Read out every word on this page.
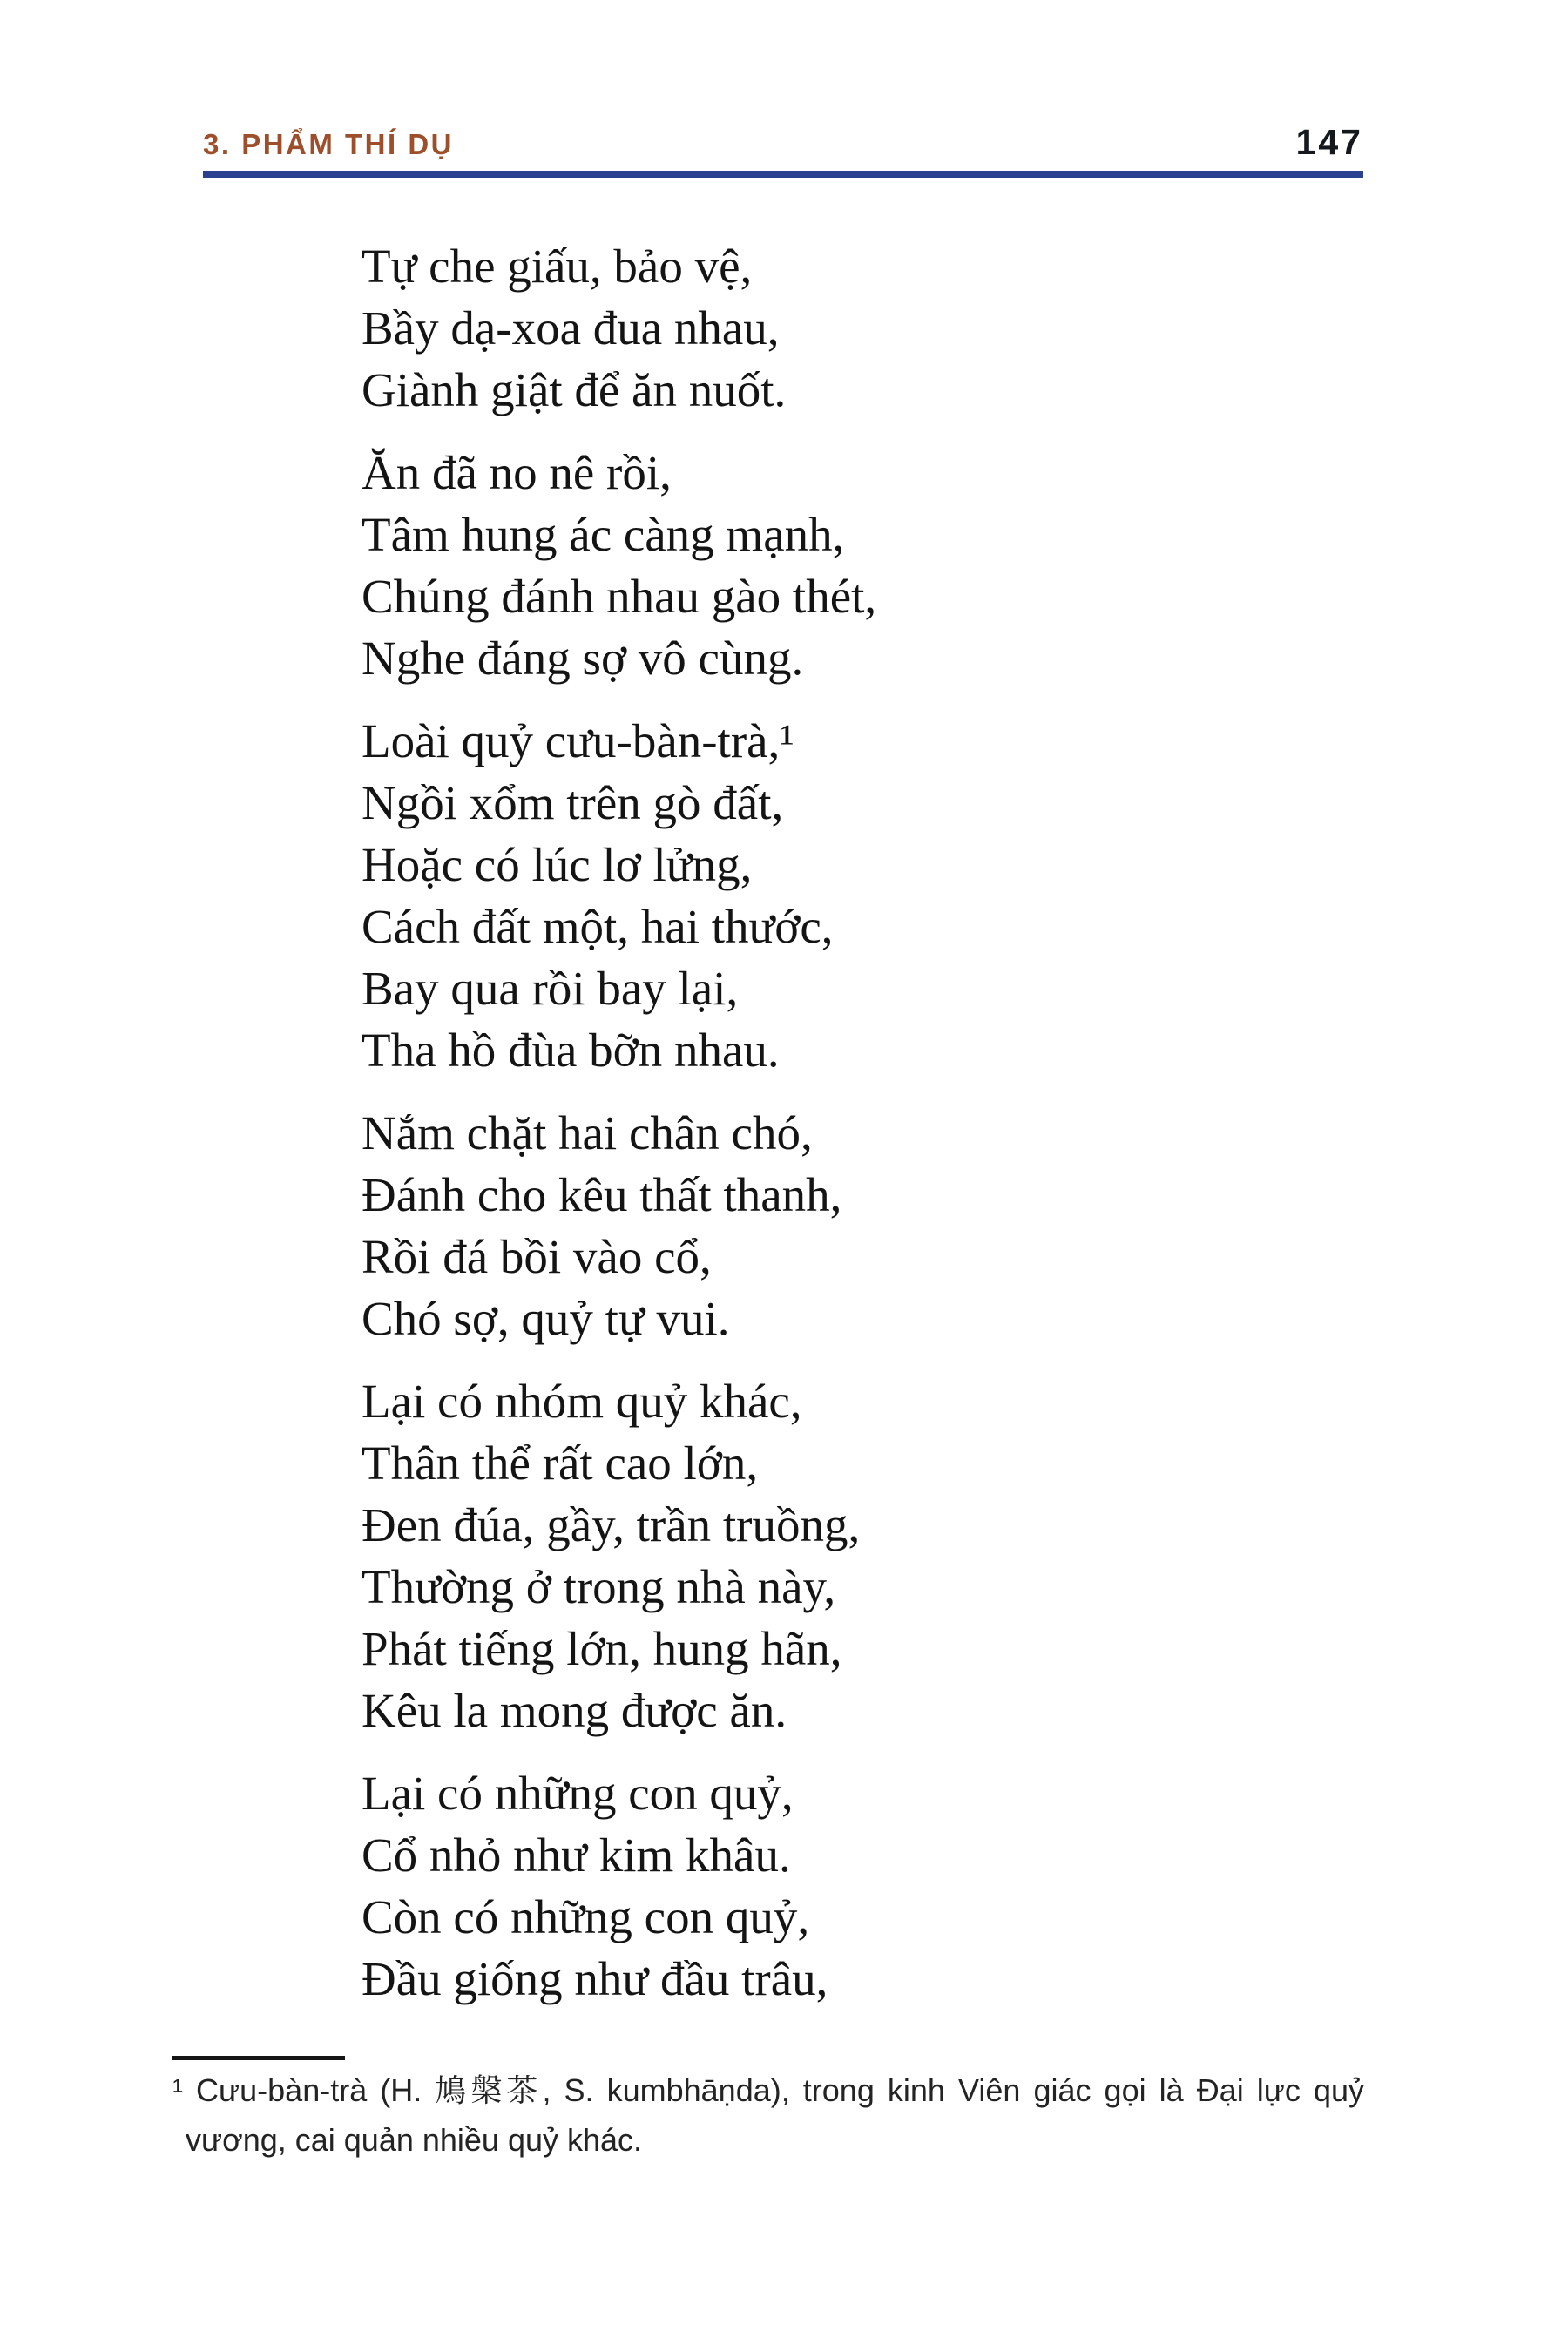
3. PHẨM THÍ DỤ	147
Tự che giấu, bảo vệ,
Bầy dạ-xoa đua nhau,
Giành giật để ăn nuốt.
Ăn đã no nê rồi,
Tâm hung ác càng mạnh,
Chúng đánh nhau gào thét,
Nghe đáng sợ vô cùng.
Loài quỷ cưu-bàn-trà,¹
Ngồi xổm trên gò đất,
Hoặc có lúc lơ lửng,
Cách đất một, hai thước,
Bay qua rồi bay lại,
Tha hồ đùa bỡn nhau.
Nắm chặt hai chân chó,
Đánh cho kêu thất thanh,
Rồi đá bồi vào cổ,
Chó sợ, quỷ tự vui.
Lại có nhóm quỷ khác,
Thân thể rất cao lớn,
Đen đúa, gầy, trần truồng,
Thường ở trong nhà này,
Phát tiếng lớn, hung hãn,
Kêu la mong được ăn.
Lại có những con quỷ,
Cổ nhỏ như kim khâu.
Còn có những con quỷ,
Đầu giống như đầu trâu,
¹ Cưu-bàn-trà (H. 鳩槃茶, S. kumbhāṇda), trong kinh Viên giác gọi là Đại lực quỷ
vương, cai quản nhiều quỷ khác.
